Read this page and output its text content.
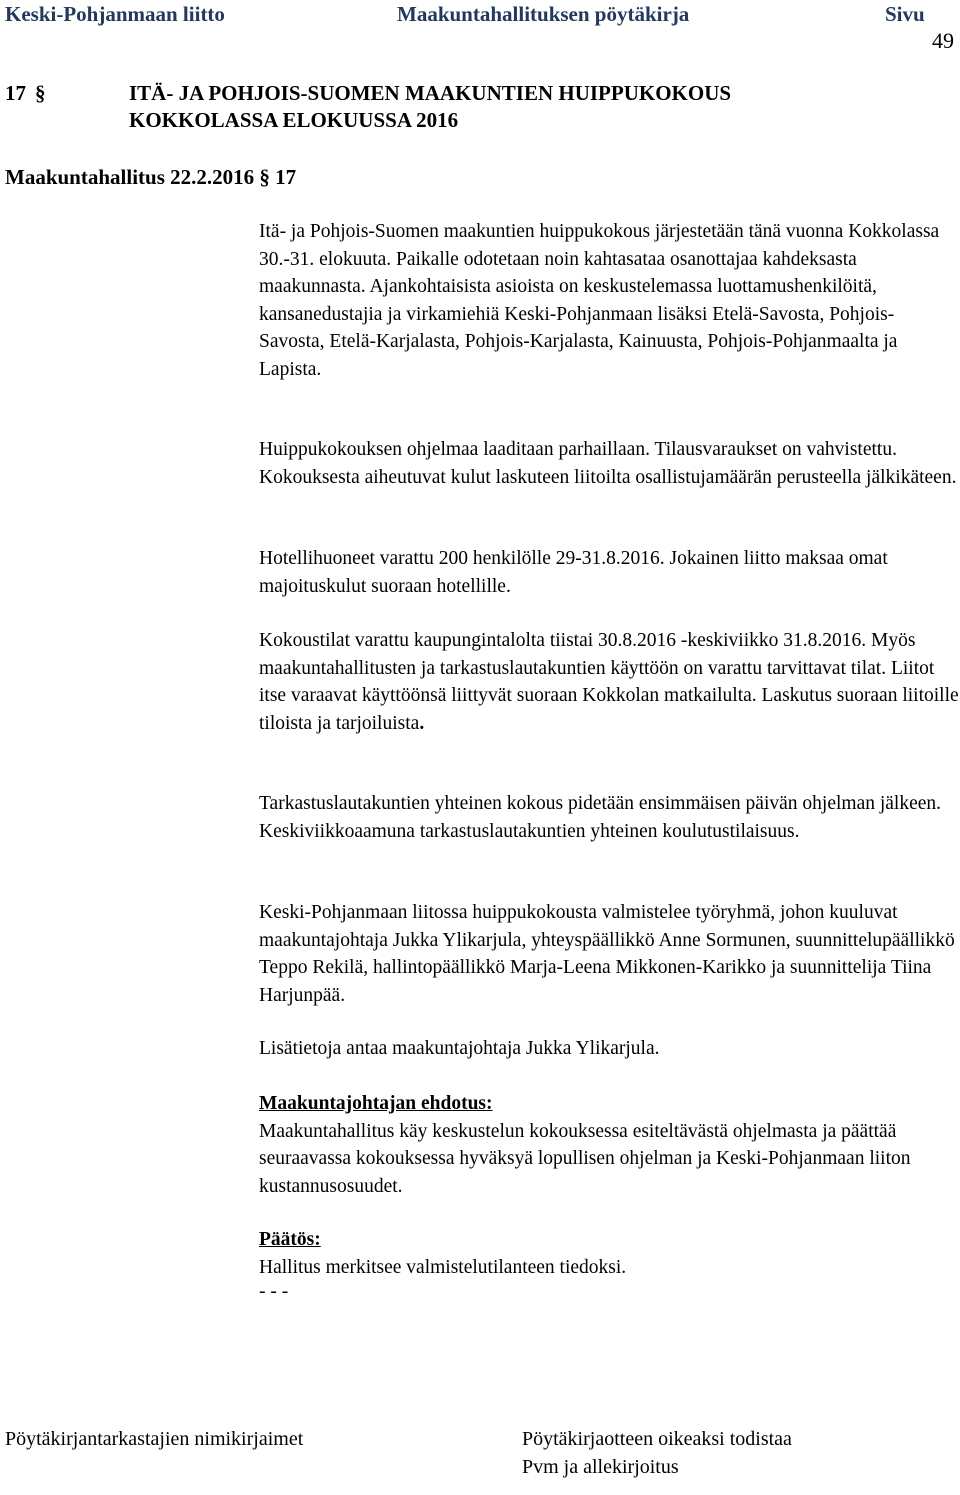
Keski-Pohjanmaan liitto	Maakuntahallituksen pöytäkirja	Sivu
49
17 §	ITÄ- JA POHJOIS-SUOMEN MAAKUNTIEN HUIPPUKOKOUS
KOKKOLASSA ELOKUUSSA 2016
Maakuntahallitus 22.2.2016 § 17

Itä- ja Pohjois-Suomen maakuntien huippukokous järjestetään tänä vuonna Kokkolassa 30.-31. elokuuta. Paikalle odotetaan noin kahtasataa osanottajaa kahdeksasta maakunnasta. Ajankohtaisista asioista on keskustelemassa luottamushenkilöitä, kansanedustajia ja virkamiehiä Keski-Pohjanmaan lisäksi Etelä-Savosta, Pohjois-Savosta, Etelä-Karjalasta, Pohjois-Karjalasta, Kainuusta, Pohjois-Pohjanmaalta ja Lapista.

Huippukokouksen ohjelmaa laaditaan parhaillaan. Tilausvaraukset on vahvistettu. Kokouksesta aiheutuvat kulut laskuteen liitoilta osallistujamäärän perusteella jälkikäteen.

Hotellihuoneet varattu 200 henkilölle 29-31.8.2016. Jokainen liitto maksaa omat majoituskulut suoraan hotellille.

Kokoustilat varattu kaupungintalolta tiistai 30.8.2016 -keskiviikko 31.8.2016. Myös maakuntahallitusten ja tarkastuslautakuntien käyttöön on varattu tarvittavat tilat. Liitot itse varaavat käyttöönsä liittyvät suoraan Kokkolan matkailulta. Laskutus suoraan liitoille tiloista ja tarjoiluista.

Tarkastuslautakuntien yhteinen kokous pidetään ensimmäisen päivän ohjelman jälkeen. Keskiviikkoaamuna tarkastuslautakuntien yhteinen koulutustilaisuus.

Keski-Pohjanmaan liitossa huippukokousta valmistelee työryhmä, johon kuuluvat maakuntajohtaja Jukka Ylikarjula, yhteyspäällikkö Anne Sormunen, suunnittelupäällikkö Teppo Rekilä, hallintopäällikkö Marja-Leena Mikkonen-Karikko ja suunnittelija Tiina Harjunpää.

Lisätietoja antaa maakuntajohtaja Jukka Ylikarjula.

Maakuntajohtajan ehdotus:

Maakuntahallitus käy keskustelun kokouksessa esiteltävästä ohjelmasta ja päättää seuraavassa kokouksessa hyväksyä lopullisen ohjelman ja Keski-Pohjanmaan liiton kustannusosuudet.

Päätös:

Hallitus merkitsee valmistelutilanteen tiedoksi.

- - -

Pöytäkirjantarkastajien nimikirjaimet	Pöytäkirjaotteen oikeaksi todistaa
Pvm ja allekirjoitus
